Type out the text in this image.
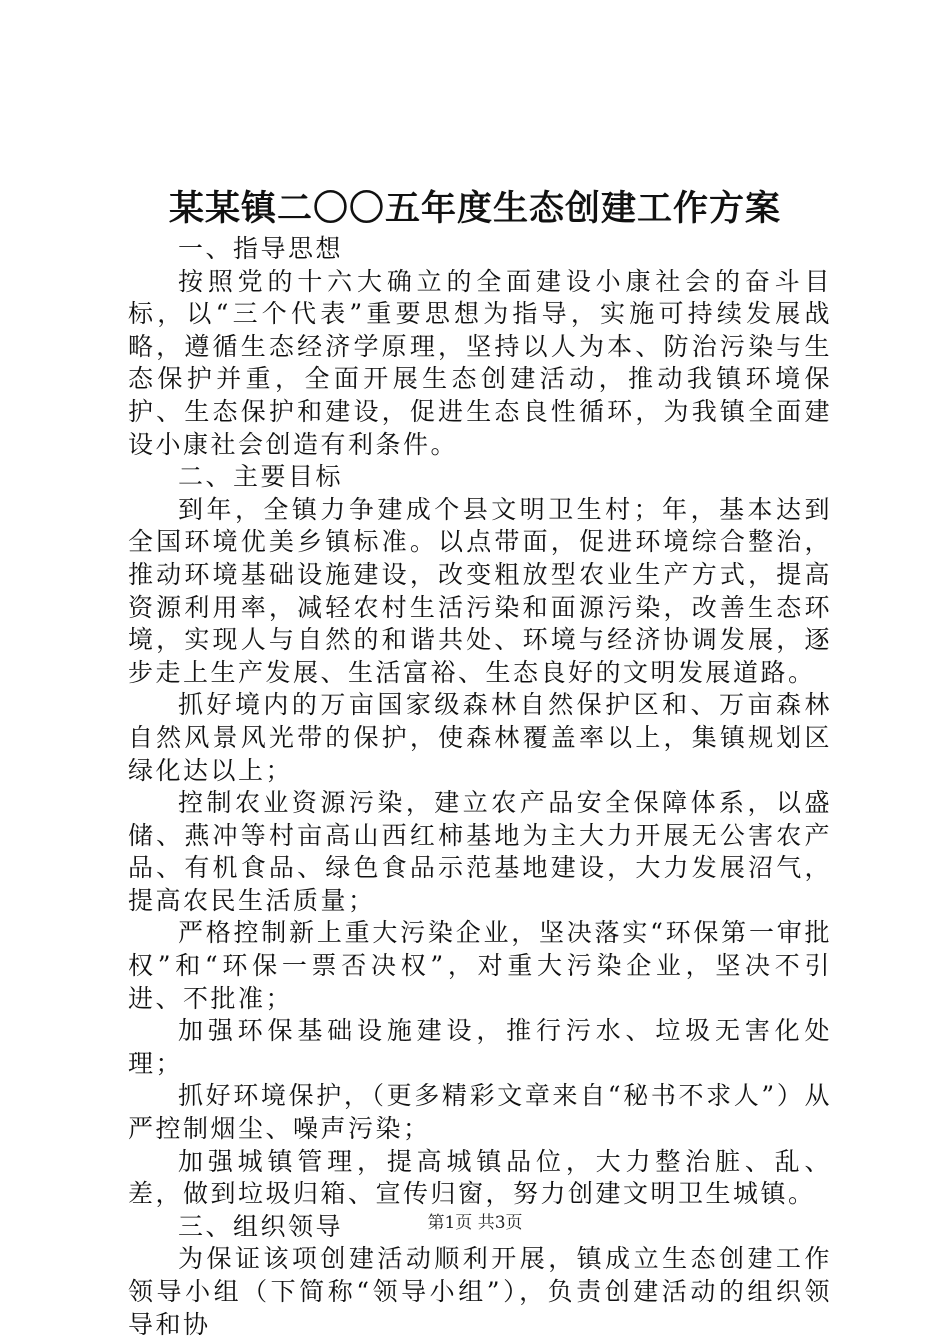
某某镇二〇〇五年度生态创建工作方案

一、指导思想

按照党的十六大确立的全面建设小康社会的奋斗目标，以“三个代表”重要思想为指导，实施可持续发展战略，遵循生态经济学原理，坚持以人为本、防治污染与生态保护并重，全面开展生态创建活动，推动我镇环境保护、生态保护和建设，促进生态良性循环，为我镇全面建设小康社会创造有利条件。

二、主要目标

到年，全镇力争建成个县文明卫生村；年，基本达到全国环境优美乡镇标准。以点带面，促进环境综合整治，推动环境基础设施建设，改变粗放型农业生产方式，提高资源利用率，减轻农村生活污染和面源污染，改善生态环境，实现人与自然的和谐共处、环境与经济协调发展，逐步走上生产发展、生活富裕、生态良好的文明发展道路。

抓好境内的万亩国家级森林自然保护区和、万亩森林自然风景风光带的保护，使森林覆盖率以上，集镇规划区绿化达以上；

控制农业资源污染，建立农产品安全保障体系，以盛储、燕冲等村亩高山西红柿基地为主大力开展无公害农产品、有机食品、绿色食品示范基地建设，大力发展沼气，提高农民生活质量；

严格控制新上重大污染企业，坚决落实“环保第一审批权”和“环保一票否决权”，对重大污染企业，坚决不引进、不批准；

加强环保基础设施建设，推行污水、垃圾无害化处理；

抓好环境保护，（更多精彩文章来自“秘书不求人”）从严控制烟尘、噪声污染；

加强城镇管理，提高城镇品位，大力整治脏、乱、差，做到垃圾归箱、宣传归窗，努力创建文明卫生城镇。

三、组织领导

为保证该项创建活动顺利开展，镇成立生态创建工作领导小组（下简称“领导小组”），负责创建活动的组织领导和协

第1页 共3页
